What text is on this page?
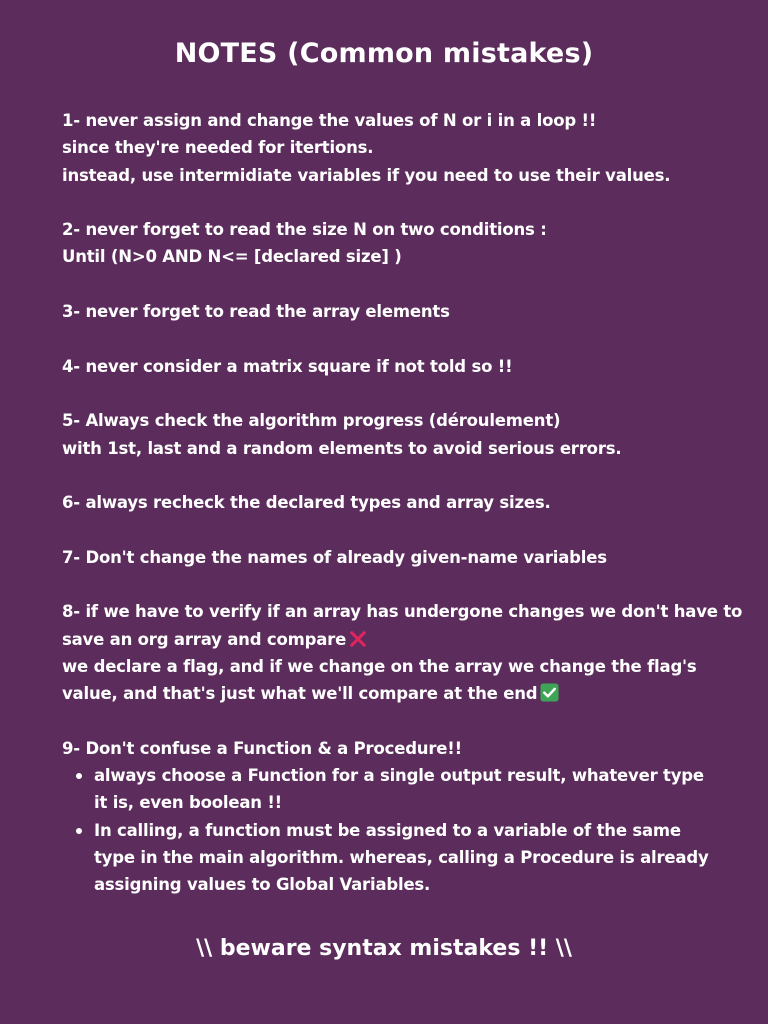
NOTES (Common mistakes)
1- never assign and change the values of N or i in a loop !!
since they're needed for itertions.
instead, use intermidiate variables if you need to use their values.
2- never forget to read the size N on two conditions :
Until (N>0 AND N<= [declared size] )
3- never forget to read the array elements
4- never consider a matrix square if not told so !!
5- Always check the algorithm progress (déroulement)
with 1st, last and a random elements to avoid serious errors.
6- always recheck the declared types and array sizes.
7- Don't change the names of already given-name variables
8- if we have to verify if an array has undergone changes we don't have to
save an org array and compare
we declare a flag, and if we change on the array we change the flag's
value, and that's just what we'll compare at the end
9- Don't confuse a Function & a Procedure!!
always choose a Function for a single output result, whatever type it is, even boolean !!
In calling, a function must be assigned to a variable of the same type in the main algorithm. whereas, calling a Procedure is already assigning values to Global Variables.
\\ beware syntax mistakes !! \\
